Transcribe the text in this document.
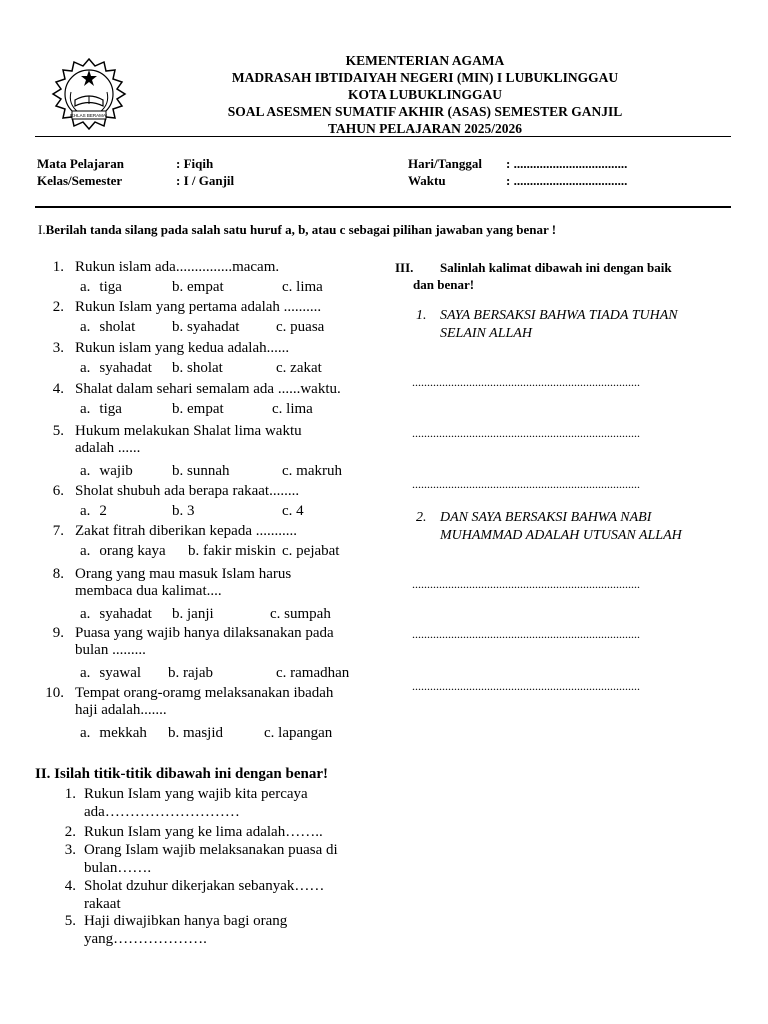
IKHLAS BERAMAL
KEMENTERIAN AGAMA
MADRASAH IBTIDAIYAH NEGERI (MIN) I LUBUKLINGGAU
KOTA LUBUKLINGGAU
SOAL ASESMEN SUMATIF AKHIR (ASAS) SEMESTER GANJIL
TAHUN PELAJARAN 2025/2026
Mata Pelajaran	: Fiqih
Kelas/Semester	: I / Ganjil
Hari/Tanggal : ...................................
Waktu	: ...................................
I.Berilah tanda silang pada salah satu huruf a, b, atau c sebagai pilihan jawaban yang benar !
1. Rukun islam ada...............macam.
a. tiga	b. empat	c. lima
2. Rukun Islam yang pertama adalah ..........
a. sholat b. syahadat c. puasa
3. Rukun islam yang kedua adalah......
a. syahadat b. sholat	c. zakat
4. Shalat dalam sehari semalam ada ......waktu.
a. tiga	b. empat	c. lima
5. Hukum melakukan Shalat lima waktu
adalah ......
a. wajib	b. sunnah	c. makruh
6. Sholat shubuh ada berapa rakaat........
a. 2	b. 3	c. 4
7. Zakat fitrah diberikan kepada ...........
a. orang kaya b. fakir miskin c. pejabat
8. Orang yang mau masuk Islam harus
membaca dua kalimat....
a. syahadat b. janji	c. sumpah
9. Puasa yang wajib hanya dilaksanakan pada
bulan .........
a. syawal b. rajab	c. ramadhan
10. Tempat orang-oramg melaksanakan ibadah
haji adalah.......
a. mekkah b. masjid	c. lapangan
II. Isilah titik-titik dibawah ini dengan benar!
1. Rukun Islam yang wajib kita percaya
ada………………………
2. Rukun Islam yang ke lima adalah……..
3. Orang Islam wajib melaksanakan puasa di
bulan…….
4. Sholat dzuhur dikerjakan sebanyak……
rakaat
5. Haji diwajibkan hanya bagi orang
yang……………….
III. Salinlah kalimat dibawah ini dengan baik
dan benar!
1. SAYA BERSAKSI BAHWA TIADA TUHAN
SELAIN ALLAH
............................................................................
............................................................................
............................................................................
2. DAN SAYA BERSAKSI BAHWA NABI
MUHAMMAD ADALAH UTUSAN ALLAH
............................................................................
............................................................................
............................................................................
